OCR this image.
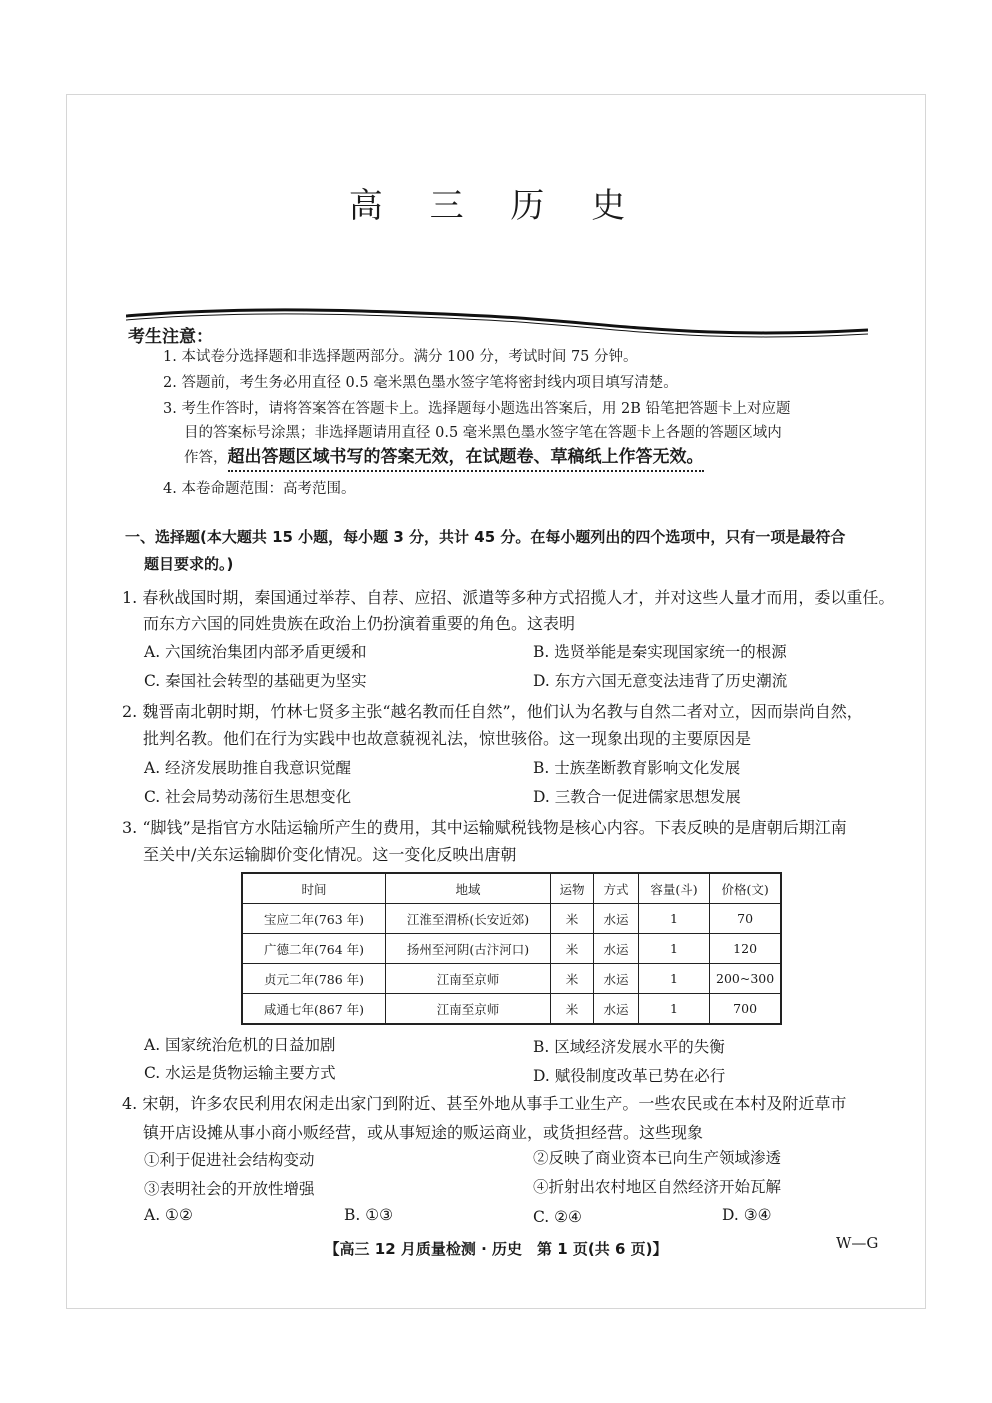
高 三 历 史
考生注意：
1. 本试卷分选择题和非选择题两部分。满分 100 分，考试时间 75 分钟。
2. 答题前，考生务必用直径 0.5 毫米黑色墨水签字笔将密封线内项目填写清楚。
3. 考生作答时，请将答案答在答题卡上。选择题每小题选出答案后，用 2B 铅笔把答题卡上对应题
目的答案标号涂黑；非选择题请用直径 0.5 毫米黑色墨水签字笔在答题卡上各题的答题区域内
作答，超出答题区域书写的答案无效，在试题卷、草稿纸上作答无效。
4. 本卷命题范围：高考范围。
一、选择题(本大题共 15 小题，每小题 3 分，共计 45 分。在每小题列出的四个选项中，只有一项是最符合
题目要求的。)
1. 春秋战国时期，秦国通过举荐、自荐、应招、派遣等多种方式招揽人才，并对这些人量才而用，委以重任。
而东方六国的同姓贵族在政治上仍扮演着重要的角色。这表明
A. 六国统治集团内部矛盾更缓和	B. 选贤举能是秦实现国家统一的根源
C. 秦国社会转型的基础更为坚实	D. 东方六国无意变法违背了历史潮流
2. 魏晋南北朝时期，竹林七贤多主张“越名教而任自然”，他们认为名教与自然二者对立，因而崇尚自然，
批判名教。他们在行为实践中也故意藐视礼法，惊世骇俗。这一现象出现的主要原因是
A. 经济发展助推自我意识觉醒	B. 士族垄断教育影响文化发展
C. 社会局势动荡衍生思想变化	D. 三教合一促进儒家思想发展
3. “脚钱”是指官方水陆运输所产生的费用，其中运输赋税钱物是核心内容。下表反映的是唐朝后期江南
至关中/关东运输脚价变化情况。这一变化反映出唐朝
时间	地域	运物	方式	容量(斗)	价格(文)
宝应二年(763 年)	江淮至渭桥(长安近郊)	米	水运	1	70
广德二年(764 年)	扬州至河阴(古汴河口)	米	水运	1	120
贞元二年(786 年)	江南至京师	米	水运	1	200~300
咸通七年(867 年)	江南至京师	米	水运	1	700
A. 国家统治危机的日益加剧	B. 区域经济发展水平的失衡
C. 水运是货物运输主要方式	D. 赋役制度改革已势在必行
4. 宋朝，许多农民利用农闲走出家门到附近、甚至外地从事手工业生产。一些农民或在本村及附近草市
镇开店设摊从事小商小贩经营，或从事短途的贩运商业，或货担经营。这些现象
①利于促进社会结构变动	②反映了商业资本已向生产领域渗透
③表明社会的开放性增强	④折射出农村地区自然经济开始瓦解
A. ①②	B. ①③	C. ②④	D. ③④
【高三 12 月质量检测 · 历史　第 1 页(共 6 页)】	W—G
